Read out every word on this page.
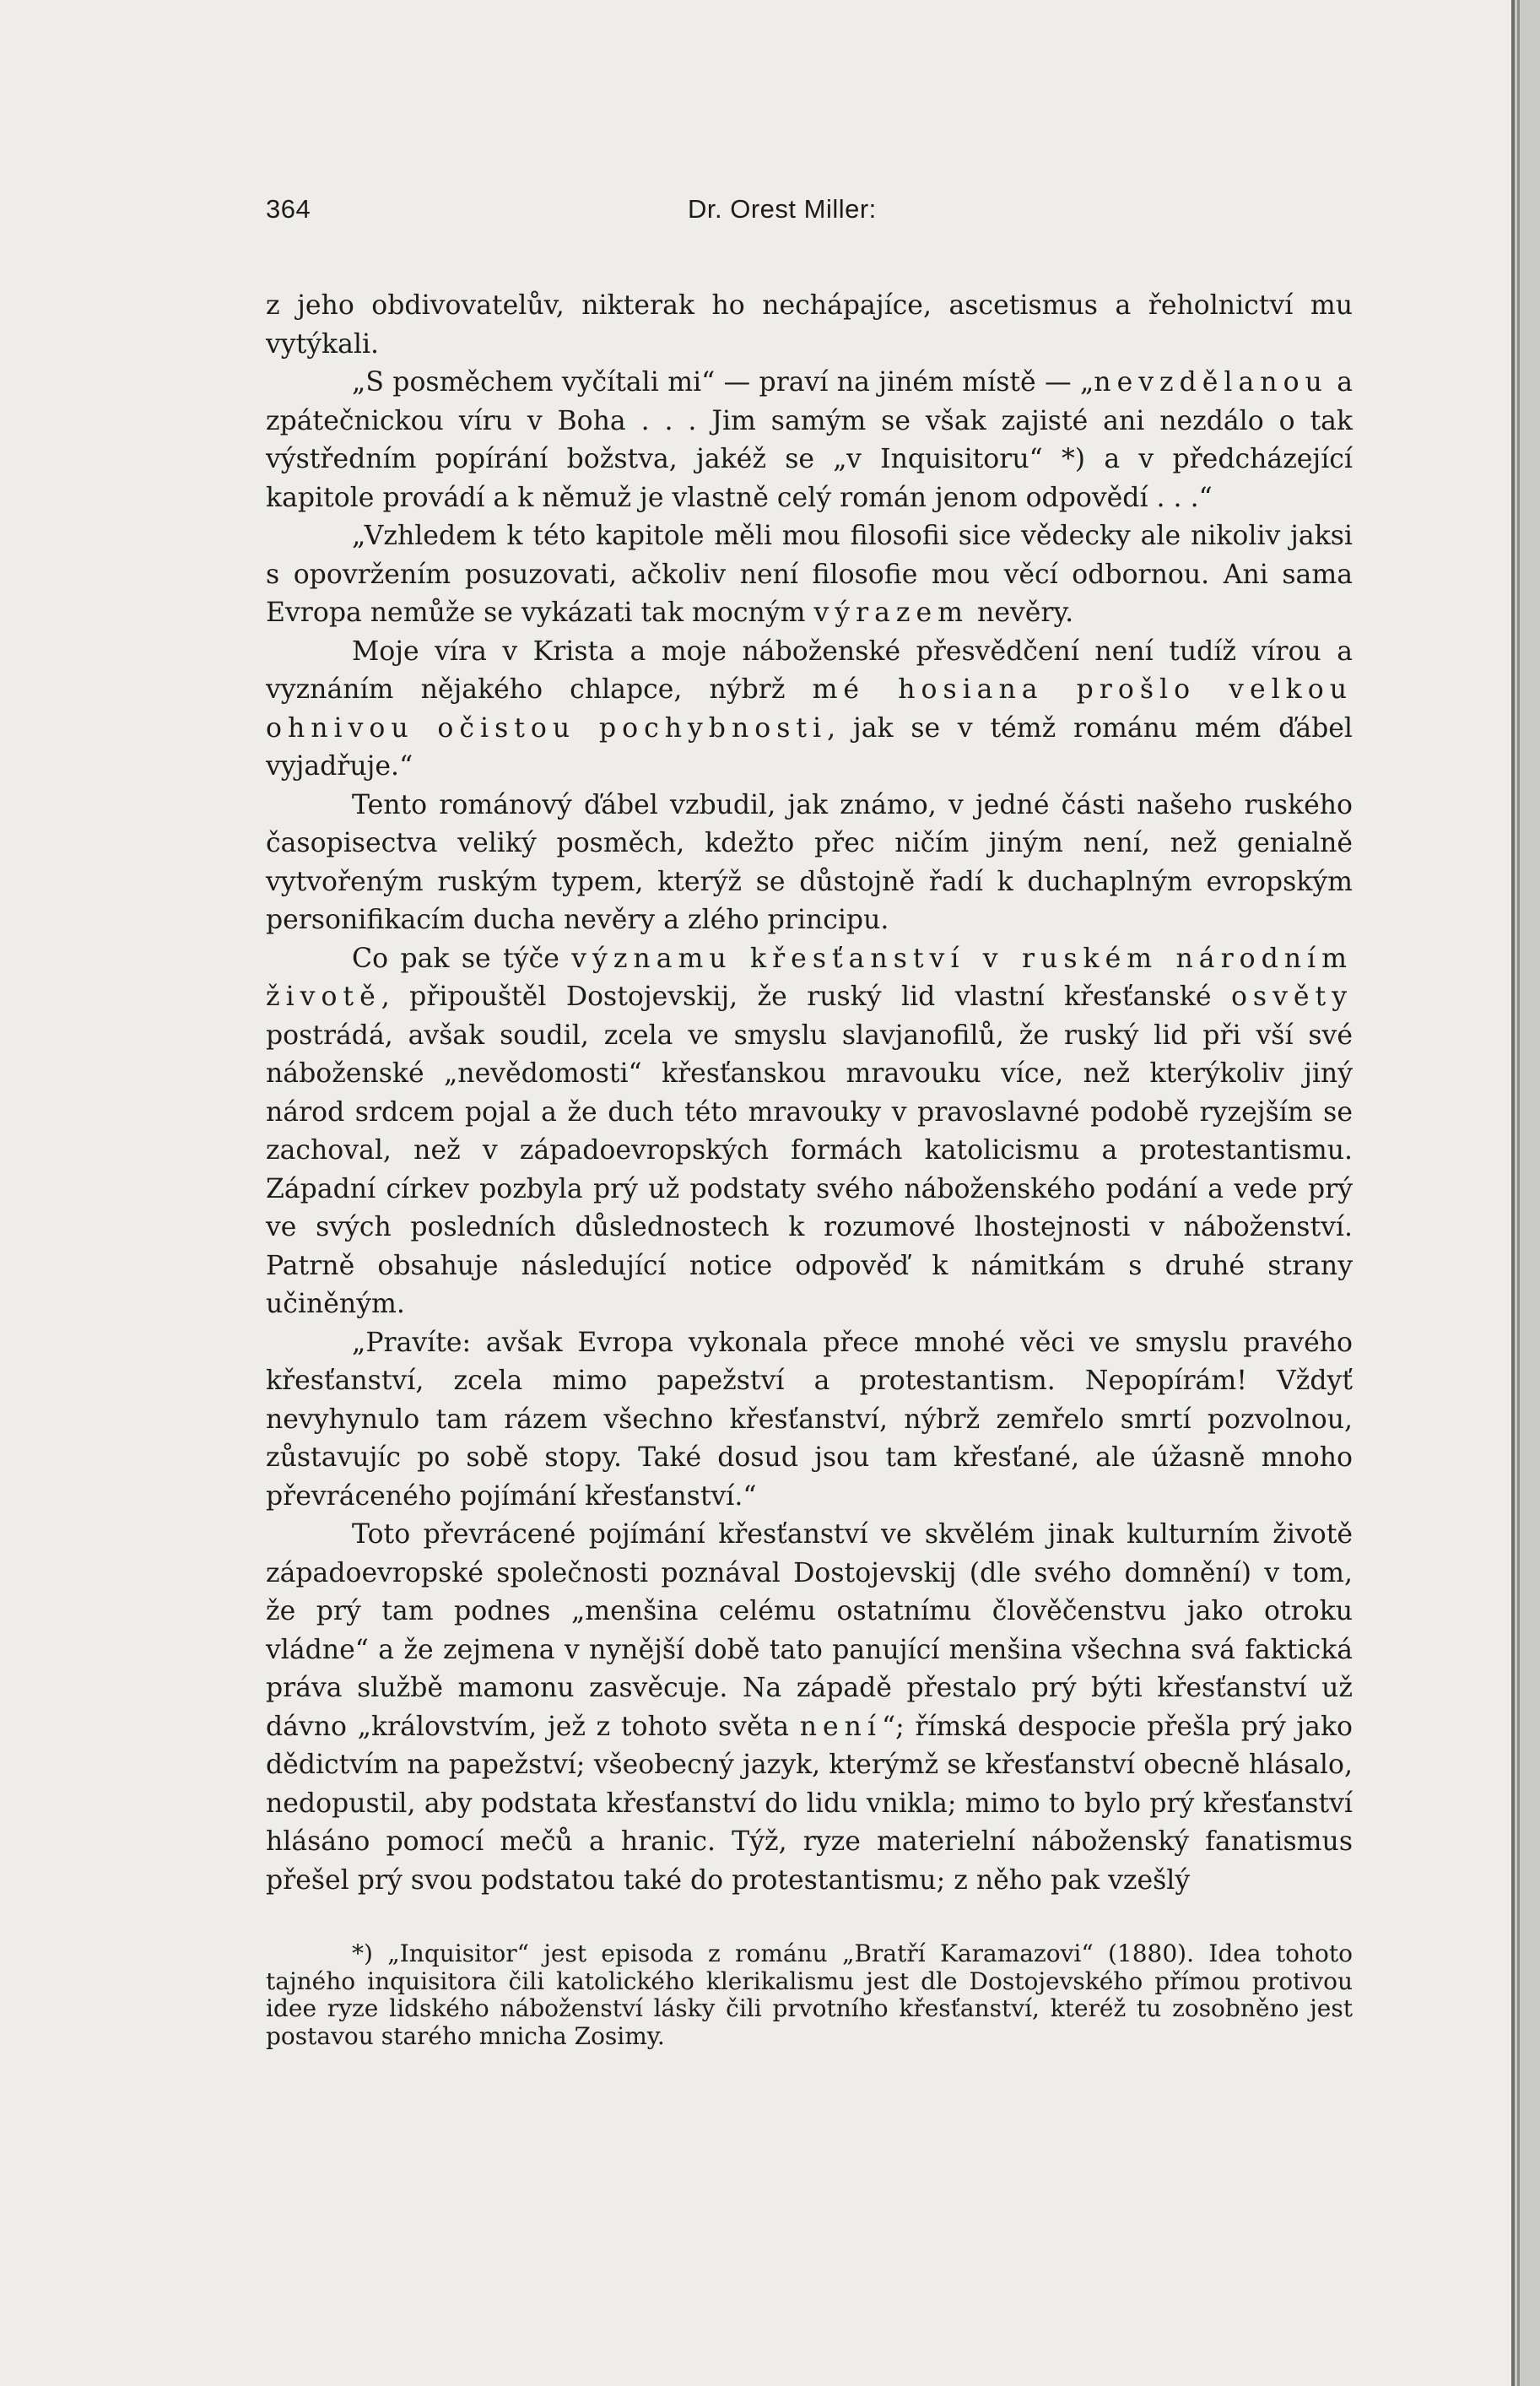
364	Dr. Orest Miller:

z jeho obdivovatelův, nikterak ho nechápajíce, ascetismus a řeholnictví mu vytýkali.

„S posměchem vyčítali mi“ — praví na jiném místě — „nevzdělanou a zpátečnickou víru v Boha . . . Jim samým se však zajisté ani nezdálo o tak výstředním popírání božstva, jakéž se „v Inquisitoru“ *) a v předcházející kapitole provádí a k němuž je vlastně celý román jenom odpovědí . . .“

„Vzhledem k této kapitole měli mou filosofii sice vědecky ale nikoliv jaksi s opovržením posuzovati, ačkoliv není filosofie mou věcí odbornou. Ani sama Evropa nemůže se vykázati tak mocným výrazem nevěry.

Moje víra v Krista a moje náboženské přesvědčení není tudíž vírou a vyznáním nějakého chlapce, nýbrž mé hosiana prošlo velkou ohnivou očistou pochybnosti, jak se v témž románu mém ďábel vyjadřuje.“

Tento románový ďábel vzbudil, jak známo, v jedné části našeho ruského časopisectva veliký posměch, kdežto přec ničím jiným není, než genialně vytvořeným ruským typem, kterýž se důstojně řadí k duchaplným evropským personifikacím ducha nevěry a zlého principu.

Co pak se týče významu křesťanství v ruském národním životě, připouštěl Dostojevskij, že ruský lid vlastní křesťanské osvěty postrádá, avšak soudil, zcela ve smyslu slavjanofilů, že ruský lid při vší své náboženské „nevědomosti“ křesťanskou mravouku více, než kterýkoliv jiný národ srdcem pojal a že duch této mravouky v pravoslavné podobě ryzejším se zachoval, než v západoevropských formách katolicismu a protestantismu. Západní církev pozbyla prý už podstaty svého náboženského podání a vede prý ve svých posledních důslednostech k rozumové lhostejnosti v náboženství. Patrně obsahuje následující notice odpověď k námitkám s druhé strany učiněným.

„Pravíte: avšak Evropa vykonala přece mnohé věci ve smyslu pravého křesťanství, zcela mimo papežství a protestantism. Nepopírám! Vždyť nevyhynulo tam rázem všechno křesťanství, nýbrž zemřelo smrtí pozvolnou, zůstavujíc po sobě stopy. Také dosud jsou tam křesťané, ale úžasně mnoho převráceného pojímání křesťanství.“

Toto převrácené pojímání křesťanství ve skvělém jinak kulturním životě západoevropské společnosti poznával Dostojevskij (dle svého domnění) v tom, že prý tam podnes „menšina celému ostatnímu člověčenstvu jako otroku vládne“ a že zejmena v nynější době tato panující menšina všechna svá faktická práva službě mamonu zasvěcuje. Na západě přestalo prý býti křesťanství už dávno „královstvím, jež z tohoto světa není“; římská despocie přešla prý jako dědictvím na papežství; všeobecný jazyk, kterýmž se křesťanství obecně hlásalo, nedopustil, aby podstata křesťanství do lidu vnikla; mimo to bylo prý křesťanství hlásáno pomocí mečů a hranic. Týž, ryze materielní náboženský fanatismus přešel prý svou podstatou také do protestantismu; z něho pak vzešlý

*) „Inquisitor“ jest episoda z románu „Bratří Karamazovi“ (1880). Idea tohoto tajného inquisitora čili katolického klerikalismu jest dle Dostojevského přímou protivou idee ryze lidského náboženství lásky čili prvotního křesťanství, kteréž tu zosobněno jest postavou starého mnicha Zosimy.
